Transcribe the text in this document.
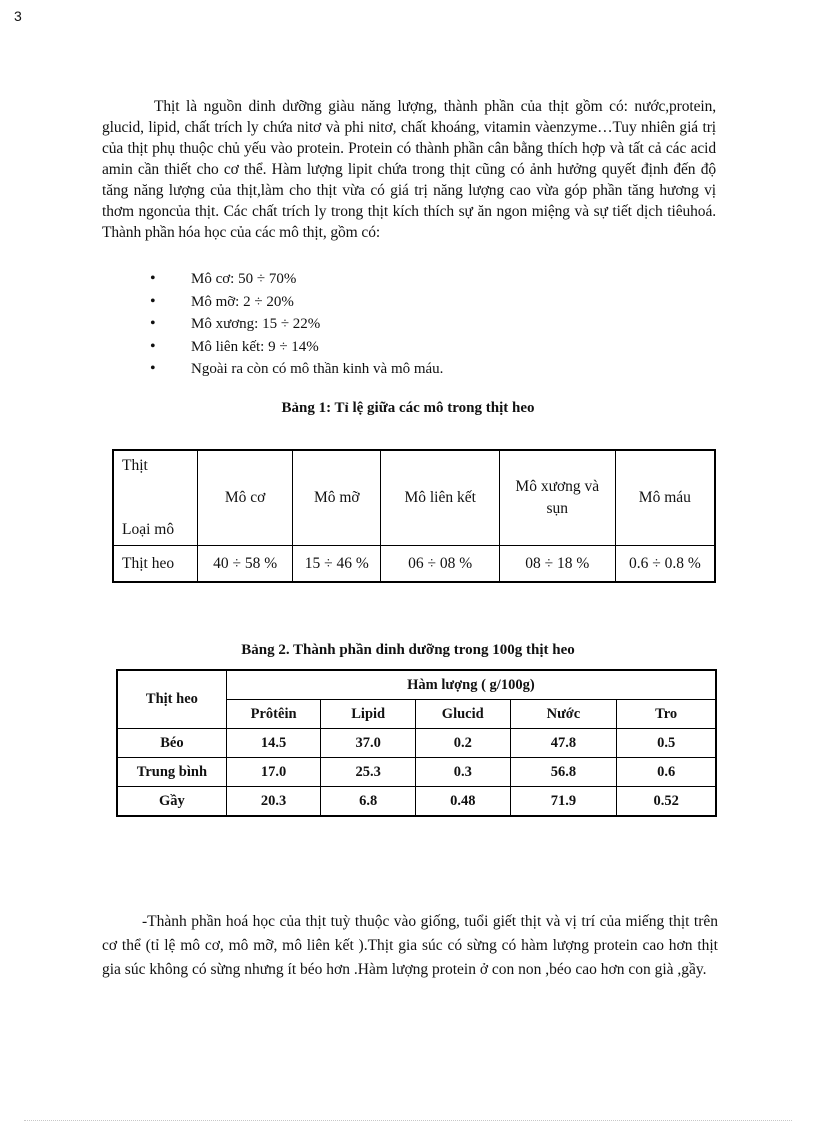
3

Thịt là nguồn dinh dưỡng giàu năng lượng, thành phần của thịt gồm có: nước,protein, glucid, lipid, chất trích ly chứa nitơ và phi nitơ, chất khoáng, vitamin vàenzyme…Tuy nhiên giá trị của thịt phụ thuộc chủ yếu vào protein. Protein có thành phần cân bằng thích hợp và tất cả các acid amin cần thiết cho cơ thể. Hàm lượng lipit chứa trong thịt cũng có ảnh hưởng quyết định đến độ tăng năng lượng của thịt,làm cho thịt vừa có giá trị năng lượng cao vừa góp phần tăng hương vị thơm ngoncủa thịt. Các chất trích ly trong thịt kích thích sự ăn ngon miệng và sự tiết dịch tiêuhoá. Thành phần hóa học của các mô thịt, gồm có:

• Mô cơ: 50 ÷ 70%
• Mô mỡ: 2 ÷ 20%
• Mô xương: 15 ÷ 22%
• Mô liên kết: 9 ÷ 14%
• Ngoài ra còn có mô thần kinh và mô máu.
Bảng 1: Tỉ lệ giữa các mô trong thịt heo
Thịt
Loại mô	Mô cơ	Mô mỡ	Mô liên kết	Mô xương và sụn	Mô máu
Thịt heo	40 ÷ 58 %	15 ÷ 46 %	06 ÷ 08 %	08 ÷ 18 %	0.6 ÷ 0.8 %
Bảng 2. Thành phần dinh dưỡng trong 100g thịt heo
Thịt heo	Hàm lượng ( g/100g)				
	Prôtêin	Lipid	Glucid	Nước	Tro
Béo	14.5	37.0	0.2	47.8	0.5
Trung bình	17.0	25.3	0.3	56.8	0.6
Gầy	20.3	6.8	0.48	71.9	0.52

-Thành phần hoá học của thịt tuỳ thuộc vào giống, tuổi giết thịt và vị trí của miếng thịt trên cơ thể (tỉ lệ mô cơ, mô mỡ, mô liên kết ).Thịt gia súc có sừng có hàm lượng protein cao hơn thịt gia súc không có sừng nhưng ít béo hơn .Hàm lượng protein ở con non ,béo cao hơn con già ,gầy.
